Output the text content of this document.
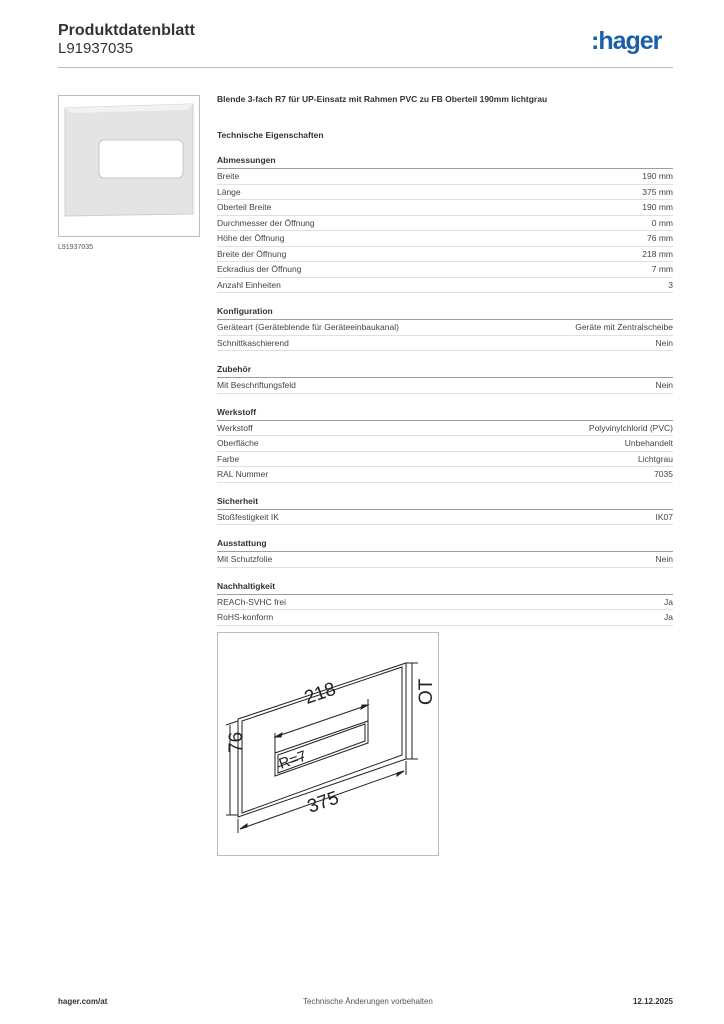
Produktdatenblatt
L91937035	:hager
L91937035
Blende 3-fach R7 für UP-Einsatz mit Rahmen PVC zu FB Oberteil 190mm lichtgrau
Technische Eigenschaften
Abmessungen
Breite	190 mm
Länge	375 mm
Oberteil Breite	190 mm
Durchmesser der Öffnung	0 mm
Höhe der Öffnung	76 mm
Breite der Öffnung	218 mm
Eckradius der Öffnung	7 mm
Anzahl Einheiten	3
Konfiguration
Geräteart (Geräteblende für Geräteeinbaukanal)	Geräte mit Zentralscheibe
Schnittkaschierend	Nein
Zubehör
Mit Beschriftungsfeld	Nein
Werkstoff
Werkstoff	Polyvinylchlorid (PVC)
Oberfläche	Unbehandelt
Farbe	Lichtgrau
RAL Nummer	7035
Sicherheit
Stoßfestigkeit IK	IK07
Ausstattung
Mit Schutzfolie	Nein
Nachhaltigkeit
REACh-SVHC frei	Ja
RoHS-konform	Ja
218
76
R=7
375
OT
hager.com/at	Technische Änderungen vorbehalten	12.12.2025
